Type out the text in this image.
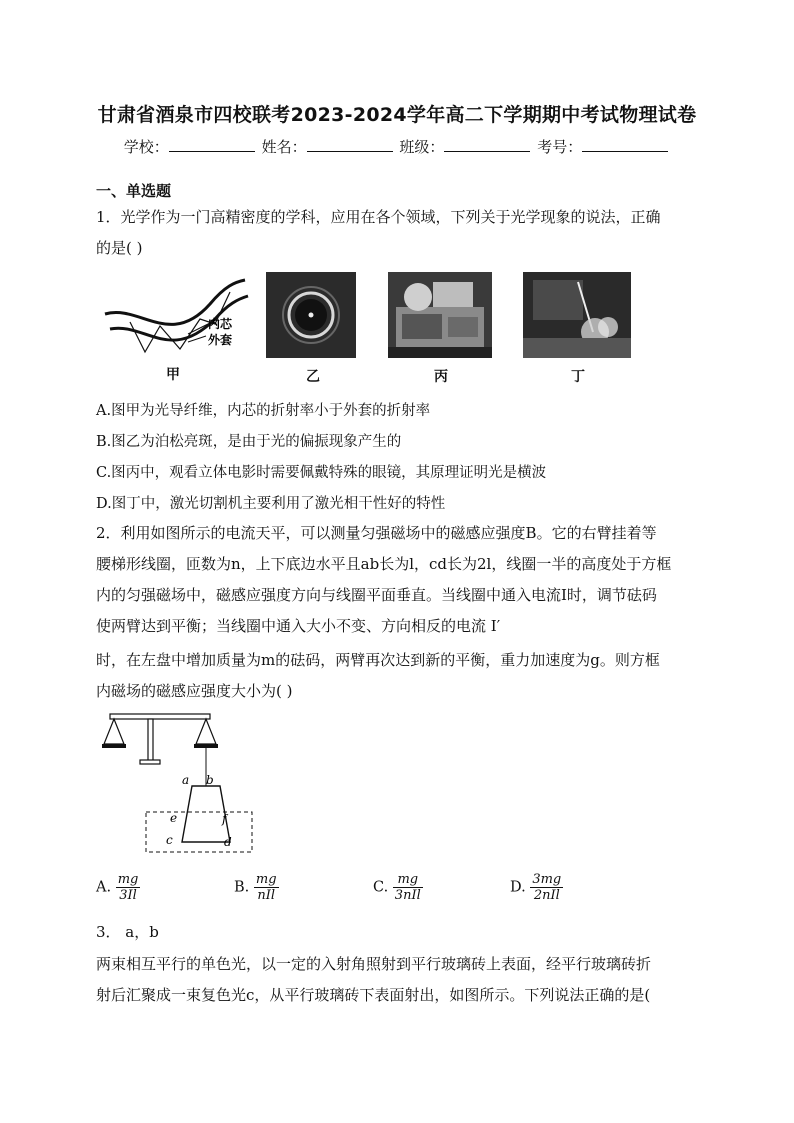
甘肃省酒泉市四校联考2023-2024学年高二下学期期中考试物理试卷
学校：	姓名：	班级：	考号：
一、单选题
1．光学作为一门高精密度的学科，应用在各个领域，下列关于光学现象的说法，正确
的是( )
内芯
外套
甲	乙	丙	丁
A.图甲为光导纤维，内芯的折射率小于外套的折射率
B.图乙为泊松亮斑，是由于光的偏振现象产生的
C.图丙中，观看立体电影时需要佩戴特殊的眼镜，其原理证明光是横波
D.图丁中，激光切割机主要利用了激光相干性好的特性
2．利用如图所示的电流天平，可以测量匀强磁场中的磁感应强度B。它的右臂挂着等
腰梯形线圈，匝数为n，上下底边水平且ab长为l，cd长为2l，线圈一半的高度处于方框
内的匀强磁场中，磁感应强度方向与线圈平面垂直。当线圈中通入电流I时，调节砝码
使两臂达到平衡；当线圈中通入大小不变、方向相反的电流 I′
时，在左盘中增加质量为m的砝码，两臂再次达到新的平衡，重力加速度为g。则方框
内磁场的磁感应强度大小为( )
a b
e	f
c	d
A. $\frac{mg}{3Il}$	B. $\frac{mg}{\text{nIl}}$	C. $\frac{mg}{\text{3nIl}}$	D. $\frac{3mg}{\text{2nIl}}$
3． a，b
两束相互平行的单色光，以一定的入射角照射到平行玻璃砖上表面，经平行玻璃砖折
射后汇聚成一束复色光c，从平行玻璃砖下表面射出，如图所示。下列说法正确的是(
